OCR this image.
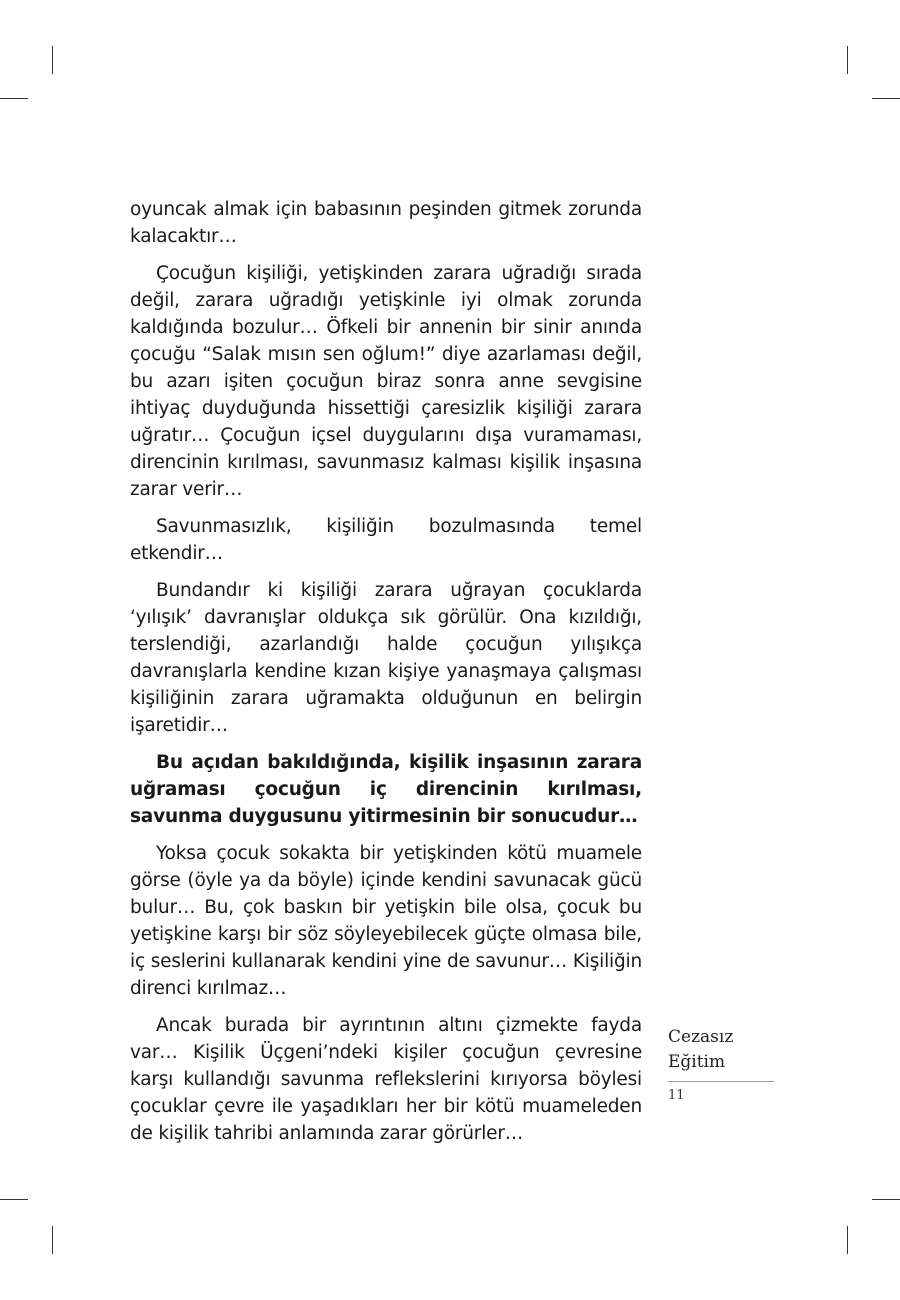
oyuncak almak için babasının peşinden gitmek zorunda kalacaktır…

Çocuğun kişiliği, yetişkinden zarara uğradığı sırada değil, zarara uğradığı yetişkinle iyi olmak zorunda kaldığında bozulur… Öfkeli bir annenin bir sinir anında çocuğu “Salak mısın sen oğlum!” diye azarlaması değil, bu azarı işiten çocuğun biraz sonra anne sevgisine ihtiyaç duyduğunda hissettiği çaresizlik kişiliği zarara uğratır… Çocuğun içsel duygularını dışa vuramaması, direncinin kırılması, savunmasız kalması kişilik inşasına zarar verir…

Savunmasızlık, kişiliğin bozulmasında temel etkendir…

Bundandır ki kişiliği zarara uğrayan çocuklarda ‘yılışık’ davranışlar oldukça sık görülür. Ona kızıldığı, terslendiği, azarlandığı halde çocuğun yılışıkça davranışlarla kendine kızan kişiye yanaşmaya çalışması kişiliğinin zarara uğramakta olduğunun en belirgin işaretidir…

Bu açıdan bakıldığında, kişilik inşasının zarara uğraması çocuğun iç direncinin kırılması, savunma duygusunu yitirmesinin bir sonucudur…

Yoksa çocuk sokakta bir yetişkinden kötü muamele görse (öyle ya da böyle) içinde kendini savunacak gücü bulur… Bu, çok baskın bir yetişkin bile olsa, çocuk bu yetişkine karşı bir söz söyleyebilecek güçte olmasa bile, iç seslerini kullanarak kendini yine de savunur… Kişiliğin direnci kırılmaz…

Ancak burada bir ayrıntının altını çizmekte fayda var… Kişilik Üçgeni’ndeki kişiler çocuğun çevresine karşı kullandığı savunma reflekslerini kırıyorsa böylesi çocuklar çevre ile yaşadıkları her bir kötü muameleden de kişilik tahribi anlamında zarar görürler…

Cezasız
Eğitim
11
